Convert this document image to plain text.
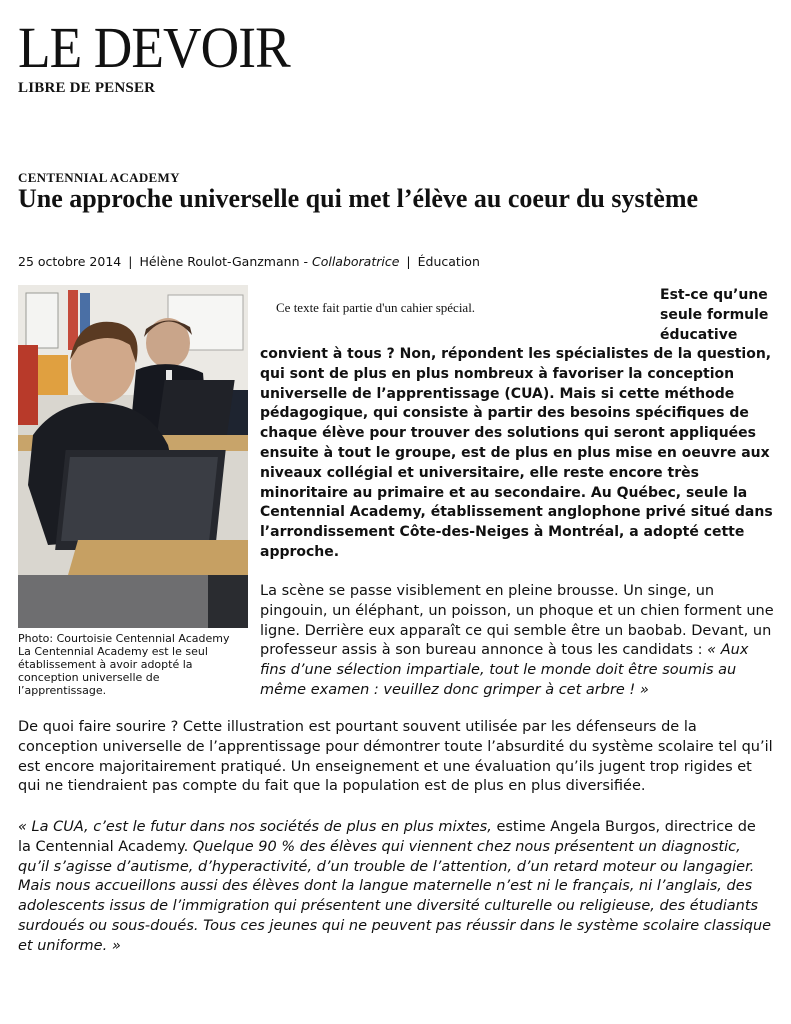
LE DEVOIR
LIBRE DE PENSER
CENTENNIAL ACADEMY
Une approche universelle qui met l’élève au coeur du système
25 octobre 2014 | Hélène Roulot-Ganzmann - Collaboratrice | Éducation
Photo: Courtoisie Centennial Academy
La Centennial Academy est le seul établissement à avoir adopté la conception universelle de l’apprentissage.
Ce texte fait partie d'un cahier spécial.
Est-ce qu’une seule formule éducative

convient à tous ? Non, répondent les spécialistes de la question, qui sont de plus en plus nombreux à favoriser la conception universelle de l’apprentissage (CUA). Mais si cette méthode pédagogique, qui consiste à partir des besoins spécifiques de chaque élève pour trouver des solutions qui seront appliquées ensuite à tout le groupe, est de plus en plus mise en oeuvre aux niveaux collégial et universitaire, elle reste encore très minoritaire au primaire et au secondaire. Au Québec, seule la Centennial Academy, établissement anglophone privé situé dans l’arrondissement Côte-des-Neiges à Montréal, a adopté cette approche.

La scène se passe visiblement en pleine brousse. Un singe, un pingouin, un éléphant, un poisson, un phoque et un chien forment une ligne. Derrière eux apparaît ce qui semble être un baobab. Devant, un professeur assis à son bureau annonce à tous les candidats : « Aux fins d’une sélection impartiale, tout le monde doit être soumis au même examen : veuillez donc grimper à cet arbre ! »

De quoi faire sourire ? Cette illustration est pourtant souvent utilisée par les défenseurs de la conception universelle de l’apprentissage pour démontrer toute l’absurdité du système scolaire tel qu’il est encore majoritairement pratiqué. Un enseignement et une évaluation qu’ils jugent trop rigides et qui ne tiendraient pas compte du fait que la population est de plus en plus diversifiée.

« La CUA, c’est le futur dans nos sociétés de plus en plus mixtes, estime Angela Burgos, directrice de la Centennial Academy. Quelque 90 % des élèves qui viennent chez nous présentent un diagnostic, qu’il s’agisse d’autisme, d’hyperactivité, d’un trouble de l’attention, d’un retard moteur ou langagier. Mais nous accueillons aussi des élèves dont la langue maternelle n’est ni le français, ni l’anglais, des adolescents issus de l’immigration qui présentent une diversité culturelle ou religieuse, des étudiants surdoués ou sous-doués. Tous ces jeunes qui ne peuvent pas réussir dans le système scolaire classique et uniforme. »
